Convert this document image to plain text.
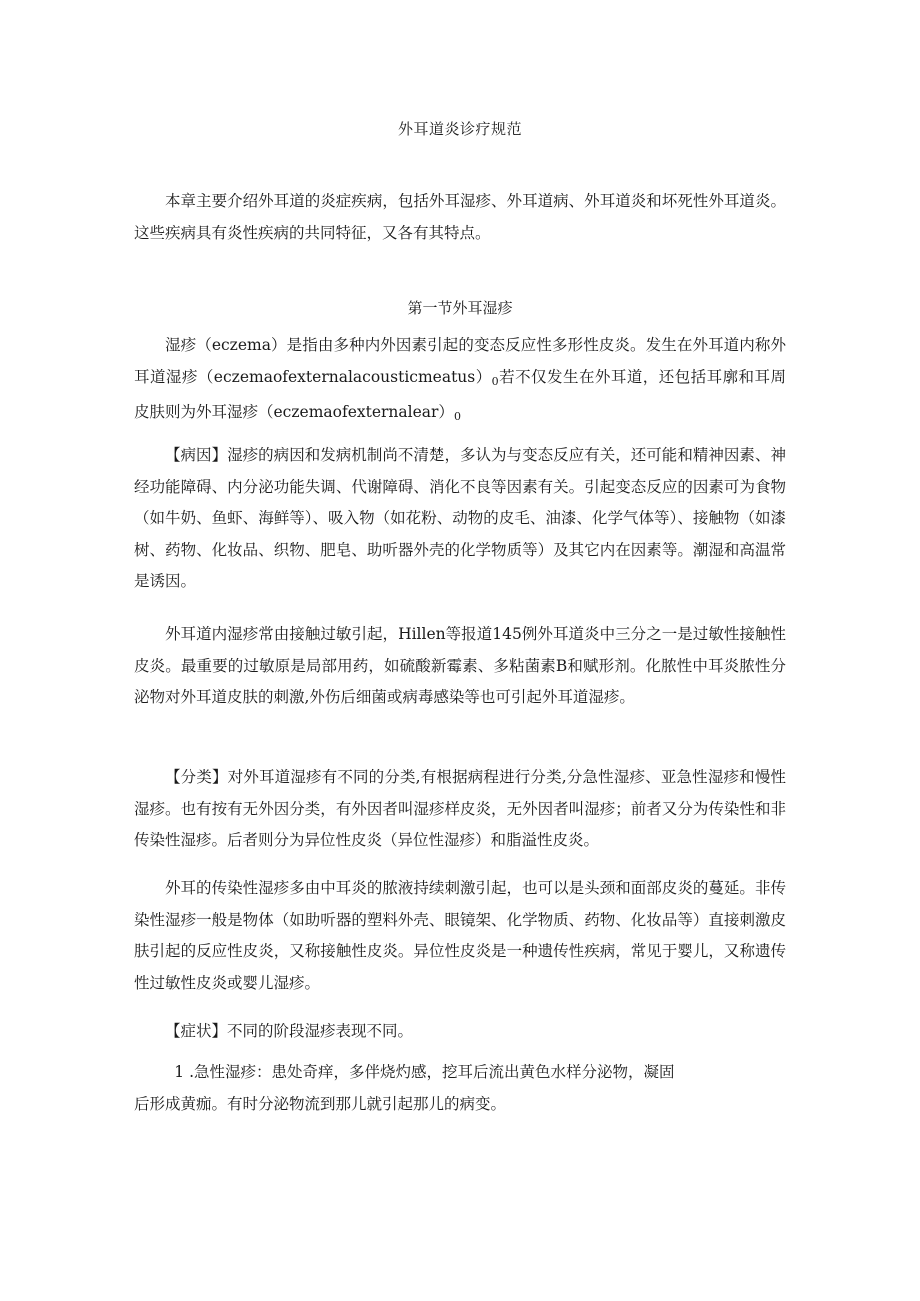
外耳道炎诊疗规范
本章主要介绍外耳道的炎症疾病，包括外耳湿疹、外耳道病、外耳道炎和坏死性外耳道炎。这些疾病具有炎性疾病的共同特征，又各有其特点。
第一节外耳湿疹
湿疹（eczema）是指由多种内外因素引起的变态反应性多形性皮炎。发生在外耳道内称外耳道湿疹$(eczemaofexternalacousticmeatus)_0$若不仅发生在外耳道，还包括耳廓和耳周皮肤则为外耳湿疹$(eczemaofexternalear)_0$
【病因】湿疹的病因和发病机制尚不清楚，多认为与变态反应有关，还可能和精神因素、神经功能障碍、内分泌功能失调、代谢障碍、消化不良等因素有关。引起变态反应的因素可为食物（如牛奶、鱼虾、海鲜等）、吸入物（如花粉、动物的皮毛、油漆、化学气体等）、接触物（如漆树、药物、化妆品、织物、肥皂、助听器外壳的化学物质等）及其它内在因素等。潮湿和高温常是诱因。
外耳道内湿疹常由接触过敏引起，Hillen等报道145例外耳道炎中三分之一是过敏性接触性皮炎。最重要的过敏原是局部用药，如硫酸新霉素、多粘菌素B和赋形剂。化脓性中耳炎脓性分泌物对外耳道皮肤的刺激,外伤后细菌或病毒感染等也可引起外耳道湿疹。
【分类】对外耳道湿疹有不同的分类,有根据病程进行分类,分急性湿疹、亚急性湿疹和慢性湿疹。也有按有无外因分类，有外因者叫湿疹样皮炎，无外因者叫湿疹；前者又分为传染性和非传染性湿疹。后者则分为异位性皮炎（异位性湿疹）和脂溢性皮炎。
外耳的传染性湿疹多由中耳炎的脓液持续刺激引起，也可以是头颈和面部皮炎的蔓延。非传染性湿疹一般是物体（如助听器的塑料外壳、眼镜架、化学物质、药物、化妆品等）直接刺激皮肤引起的反应性皮炎，又称接触性皮炎。异位性皮炎是一种遗传性疾病，常见于婴儿，又称遗传性过敏性皮炎或婴儿湿疹。
【症状】不同的阶段湿疹表现不同。
1 .急性湿疹：患处奇痒，多伴烧灼感，挖耳后流出黄色水样分泌物，凝固
后形成黄痂。有时分泌物流到那儿就引起那儿的病变。
